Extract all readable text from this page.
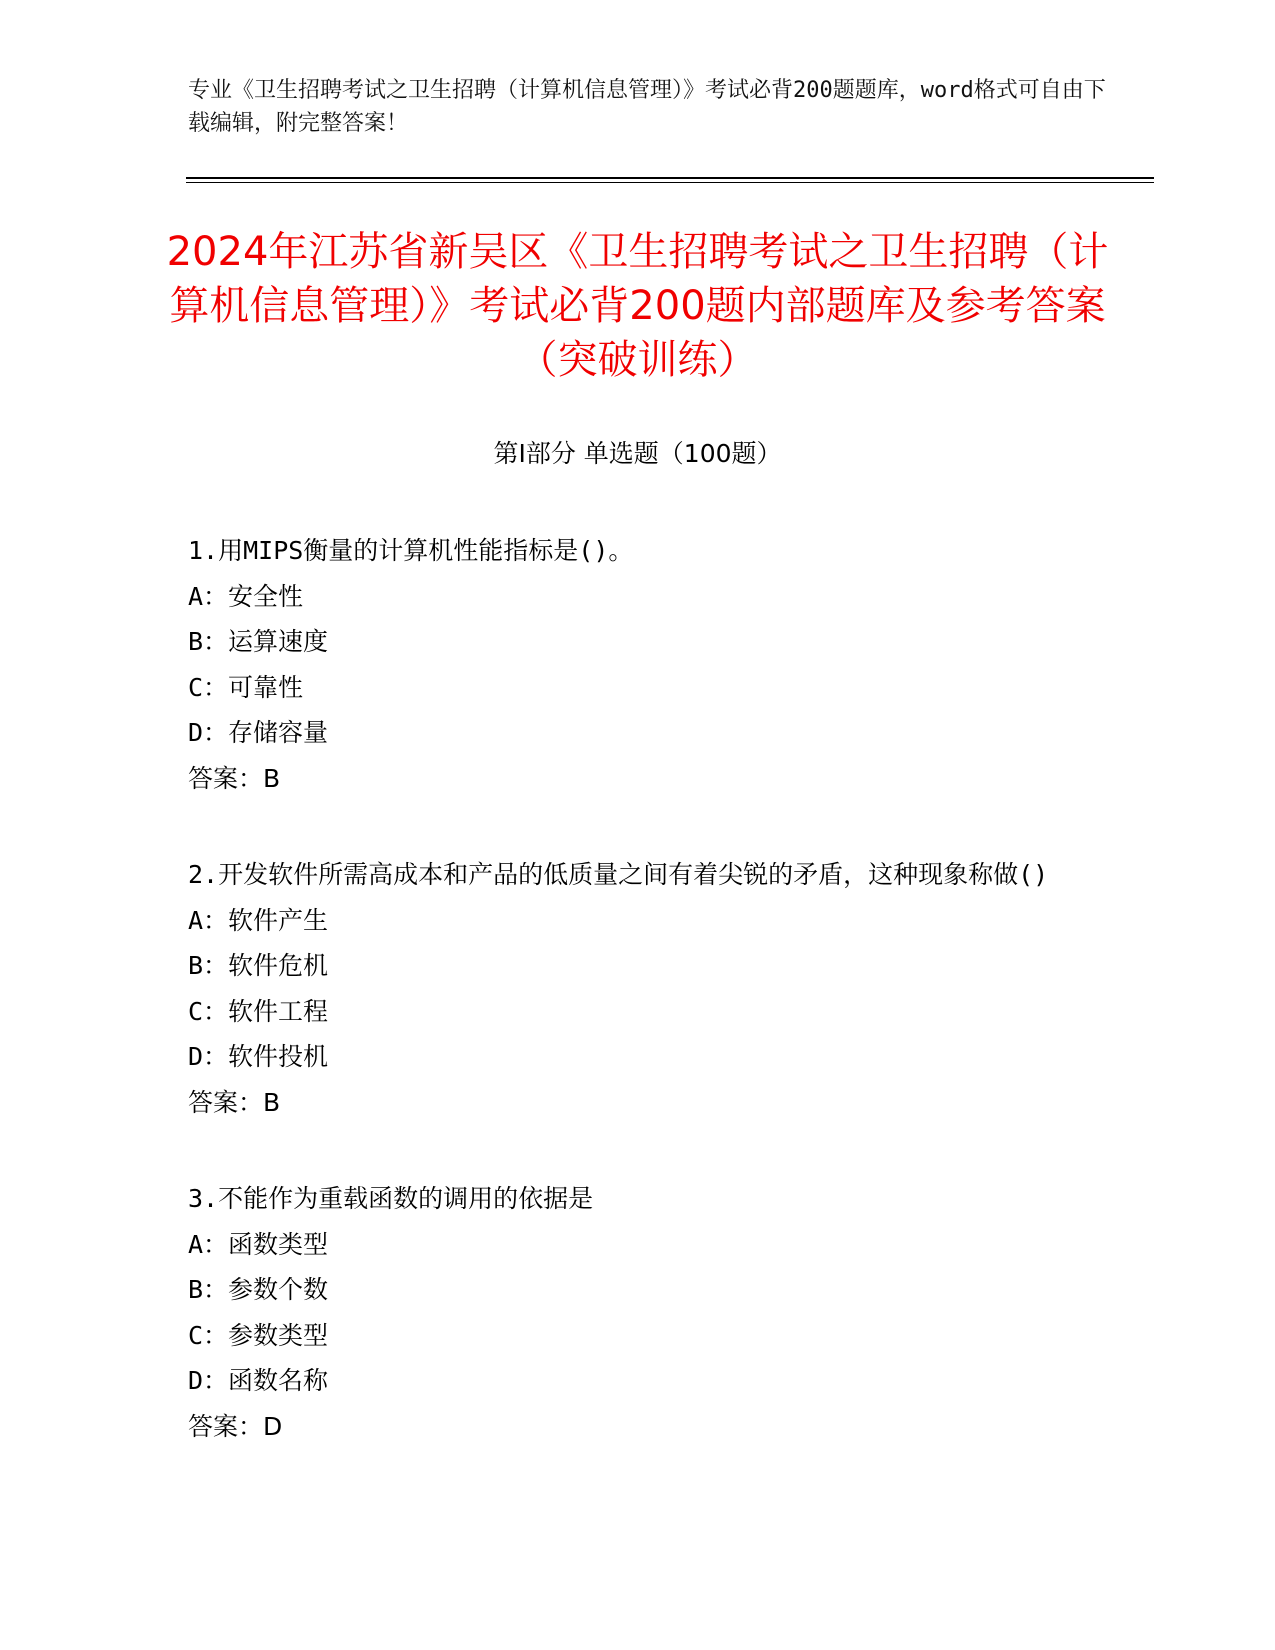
专业《卫生招聘考试之卫生招聘（计算机信息管理）》考试必背200题题库，word格式可自由下载编辑，附完整答案！
2024年江苏省新吴区《卫生招聘考试之卫生招聘（计算机信息管理）》考试必背200题内部题库及参考答案（突破训练）
第Ⅰ部分 单选题（100题）

1.用MIPS衡量的计算机性能指标是()。

A：安全性

B：运算速度

C：可靠性

D：存储容量

答案：B

2.开发软件所需高成本和产品的低质量之间有着尖锐的矛盾，这种现象称做()

A：软件产生

B：软件危机

C：软件工程

D：软件投机

答案：B

3.不能作为重载函数的调用的依据是

A：函数类型

B：参数个数

C：参数类型

D：函数名称

答案：D
